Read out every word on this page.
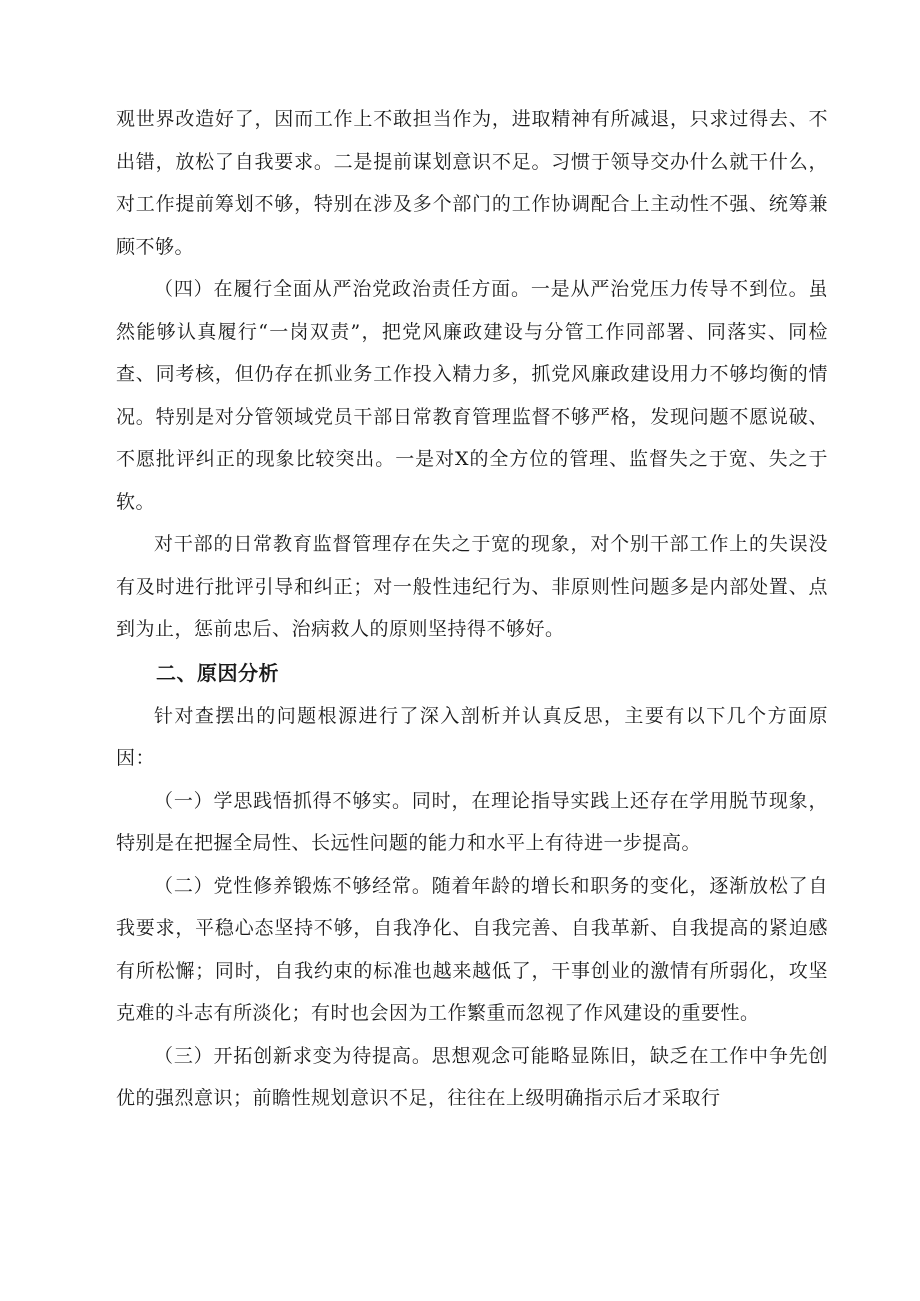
观世界改造好了，因而工作上不敢担当作为，进取精神有所减退，只求过得去、不出错，放松了自我要求。二是提前谋划意识不足。习惯于领导交办什么就干什么，对工作提前筹划不够，特别在涉及多个部门的工作协调配合上主动性不强、统筹兼顾不够。

（四）在履行全面从严治党政治责任方面。一是从严治党压力传导不到位。虽然能够认真履行“一岗双责”，把党风廉政建设与分管工作同部署、同落实、同检查、同考核，但仍存在抓业务工作投入精力多，抓党风廉政建设用力不够均衡的情况。特别是对分管领域党员干部日常教育管理监督不够严格，发现问题不愿说破、不愿批评纠正的现象比较突出。一是对X的全方位的管理、监督失之于宽、失之于软。

对干部的日常教育监督管理存在失之于宽的现象，对个别干部工作上的失误没有及时进行批评引导和纠正；对一般性违纪行为、非原则性问题多是内部处置、点到为止，惩前忠后、治病救人的原则坚持得不够好。

二、原因分析

针对查摆出的问题根源进行了深入剖析并认真反思，主要有以下几个方面原因：

（一）学思践悟抓得不够实。同时，在理论指导实践上还存在学用脱节现象，特别是在把握全局性、长远性问题的能力和水平上有待进一步提高。

（二）党性修养锻炼不够经常。随着年龄的增长和职务的变化，逐渐放松了自我要求，平稳心态坚持不够，自我净化、自我完善、自我革新、自我提高的紧迫感有所松懈；同时，自我约束的标准也越来越低了，干事创业的激情有所弱化，攻坚克难的斗志有所淡化；有时也会因为工作繁重而忽视了作风建设的重要性。

（三）开拓创新求变为待提高。思想观念可能略显陈旧，缺乏在工作中争先创优的强烈意识；前瞻性规划意识不足，往往在上级明确指示后才采取行
